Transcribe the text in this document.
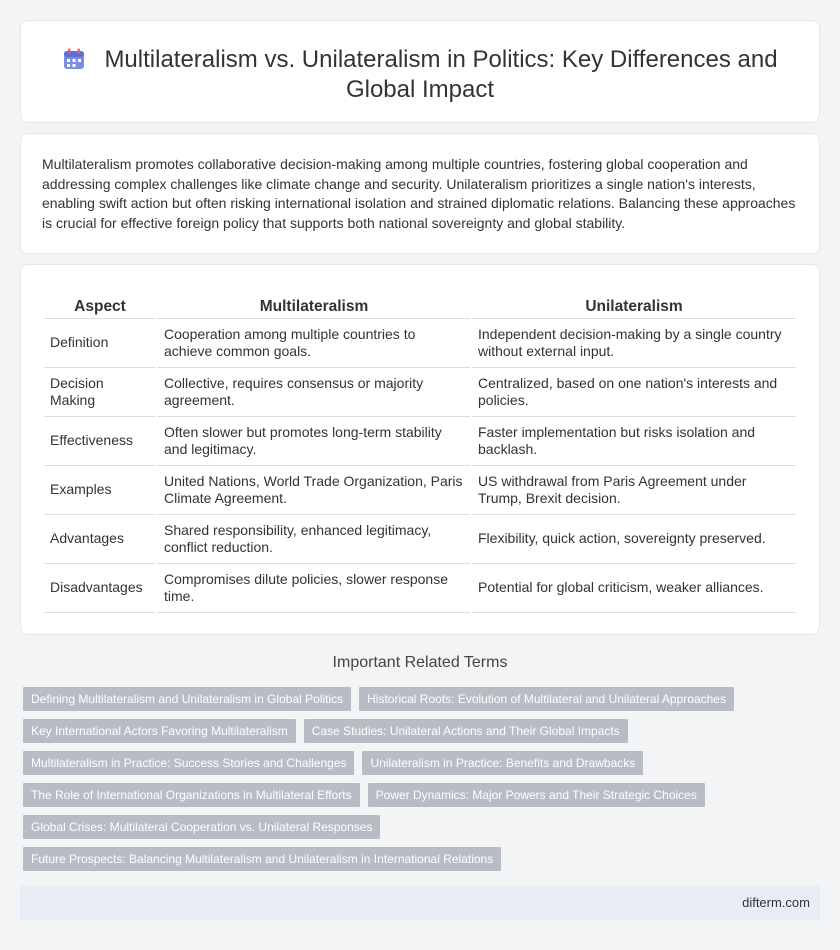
Multilateralism vs. Unilateralism in Politics: Key Differences and
Global Impact

Multilateralism promotes collaborative decision-making among multiple countries, fostering global cooperation and addressing complex challenges like climate change and security. Unilateralism prioritizes a single nation's interests, enabling swift action but often risking international isolation and strained diplomatic relations. Balancing these approaches is crucial for effective foreign policy that supports both national sovereignty and global stability.

Aspect	Multilateralism	Unilateralism
Definition	Cooperation among multiple countries to achieve common goals.	Independent decision-making by a single country without external input.
Decision Making	Collective, requires consensus or majority agreement.	Centralized, based on one nation's interests and policies.
Effectiveness	Often slower but promotes long-term stability and legitimacy.	Faster implementation but risks isolation and backlash.
Examples	United Nations, World Trade Organization, Paris Climate Agreement.	US withdrawal from Paris Agreement under Trump, Brexit decision.
Advantages	Shared responsibility, enhanced legitimacy, conflict reduction.	Flexibility, quick action, sovereignty preserved.
Disadvantages	Compromises dilute policies, slower response time.	Potential for global criticism, weaker alliances.
Important Related Terms
Defining Multilateralism and Unilateralism in Global Politics	Historical Roots: Evolution of Multilateral and Unilateral Approaches
Key International Actors Favoring Multilateralism	Case Studies: Unilateral Actions and Their Global Impacts
Multilateralism in Practice: Success Stories and Challenges	Unilateralism in Practice: Benefits and Drawbacks
The Role of International Organizations in Multilateral Efforts	Power Dynamics: Major Powers and Their Strategic Choices
Global Crises: Multilateral Cooperation vs. Unilateral Responses
Future Prospects: Balancing Multilateralism and Unilateralism in International Relations
difterm.com
